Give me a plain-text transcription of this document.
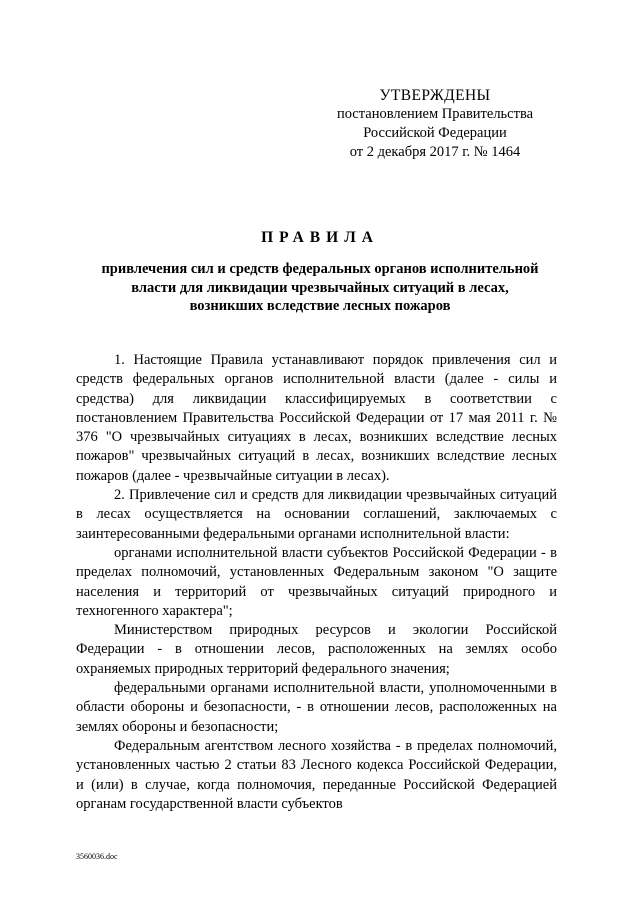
УТВЕРЖДЕНЫ
постановлением Правительства
Российской Федерации
от 2 декабря 2017 г. № 1464
ПРАВИЛА
привлечения сил и средств федеральных органов исполнительной власти для ликвидации чрезвычайных ситуаций в лесах, возникших вследствие лесных пожаров

1. Настоящие Правила устанавливают порядок привлечения сил и средств федеральных органов исполнительной власти (далее - силы и средства) для ликвидации классифицируемых в соответствии с постановлением Правительства Российской Федерации от 17 мая 2011 г. № 376 "О чрезвычайных ситуациях в лесах, возникших вследствие лесных пожаров" чрезвычайных ситуаций в лесах, возникших вследствие лесных пожаров (далее - чрезвычайные ситуации в лесах).

2. Привлечение сил и средств для ликвидации чрезвычайных ситуаций в лесах осуществляется на основании соглашений, заключаемых с заинтересованными федеральными органами исполнительной власти:

органами исполнительной власти субъектов Российской Федерации - в пределах полномочий, установленных Федеральным законом "О защите населения и территорий от чрезвычайных ситуаций природного и техногенного характера";

Министерством природных ресурсов и экологии Российской Федерации - в отношении лесов, расположенных на землях особо охраняемых природных территорий федерального значения;

федеральными органами исполнительной власти, уполномоченными в области обороны и безопасности, - в отношении лесов, расположенных на землях обороны и безопасности;

Федеральным агентством лесного хозяйства - в пределах полномочий, установленных частью 2 статьи 83 Лесного кодекса Российской Федерации, и (или) в случае, когда полномочия, переданные Российской Федерацией органам государственной власти субъектов

3560036.doc
